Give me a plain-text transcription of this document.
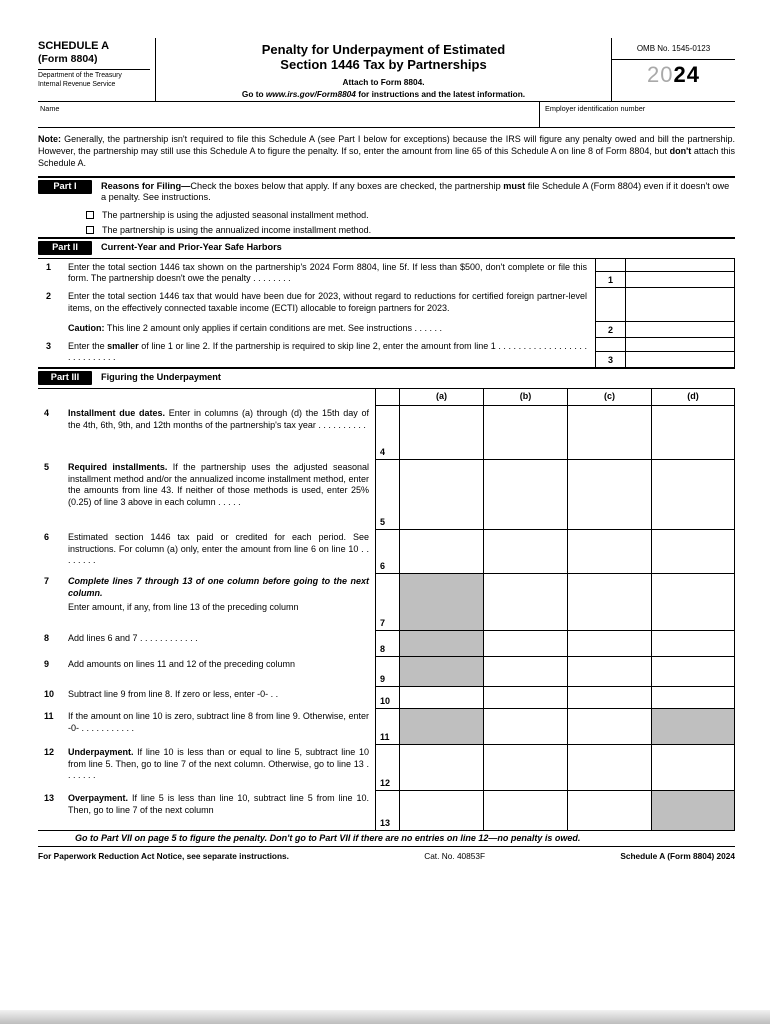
SCHEDULE A
(Form 8804)
Department of the Treasury
Internal Revenue Service
Penalty for Underpayment of Estimated
Section 1446 Tax by Partnerships
Attach to Form 8804.
Go to www.irs.gov/Form8804 for instructions and the latest information.
OMB No. 1545-0123
2024
Name	Employer identification number
Note: Generally, the partnership isn't required to file this Schedule A (see Part I below for exceptions) because the IRS will figure any penalty owed and bill the partnership. However, the partnership may still use this Schedule A to figure the penalty. If so, enter the amount from line 65 of this Schedule A on line 8 of Form 8804, but don't attach this Schedule A.
Part I	Reasons for Filing—Check the boxes below that apply. If any boxes are checked, the partnership must file Schedule A (Form 8804) even if it doesn't owe a penalty. See instructions.
The partnership is using the adjusted seasonal installment method.
The partnership is using the annualized income installment method.
Part II	Current-Year and Prior-Year Safe Harbors
1	Enter the total section 1446 tax shown on the partnership's 2024 Form 8804, line 5f. If less than $500, don't complete or file this form. The partnership doesn't owe the penalty . . . . . . . .	1
2	Enter the total section 1446 tax that would have been due for 2023, without regard to reductions for certified foreign partner-level items, on the effectively connected taxable income (ECTI) allocable to foreign partners for 2023.
Caution: This line 2 amount only applies if certain conditions are met. See instructions . . . . . .	2
3	Enter the smaller of line 1 or line 2. If the partnership is required to skip line 2, enter the amount from line 1 . . . . . . . . . . . . . . . . . . . . . . . . . . . .	3
Part III	Figuring the Underpayment
(a)	(b)	(c)	(d)
4	Installment due dates. Enter in columns (a) through (d) the 15th day of the 4th, 6th, 9th, and 12th months of the partnership's tax year . . . . . . . . . .
4
5	Required installments. If the partnership uses the adjusted seasonal installment method and/or the annualized income installment method, enter the amounts from line 43. If neither of those methods is used, enter 25% (0.25) of line 3 above in each column . . . . .
5
6	Estimated section 1446 tax paid or credited for each period. See instructions. For column (a) only, enter the amount from line 6 on line 10 . . . . . . . .
6
7	Complete lines 7 through 13 of one column before going to the next column.
Enter amount, if any, from line 13 of the preceding column
7
8	Add lines 6 and 7 . . . . . . . . . . . .
8
9	Add amounts on lines 11 and 12 of the preceding column
9
10	Subtract line 9 from line 8. If zero or less, enter -0- . .
10
11	If the amount on line 10 is zero, subtract line 8 from line 9. Otherwise, enter -0- . . . . . . . . . . .
11
12	Underpayment. If line 10 is less than or equal to line 5, subtract line 10 from line 5. Then, go to line 7 of the next column. Otherwise, go to line 13 . . . . . . .
12
13	Overpayment. If line 5 is less than line 10, subtract line 5 from line 10. Then, go to line 7 of the next column
13
Go to Part VII on page 5 to figure the penalty. Don't go to Part VII if there are no entries on line 12—no penalty is owed.
For Paperwork Reduction Act Notice, see separate instructions.	Cat. No. 40853F	Schedule A (Form 8804) 2024
